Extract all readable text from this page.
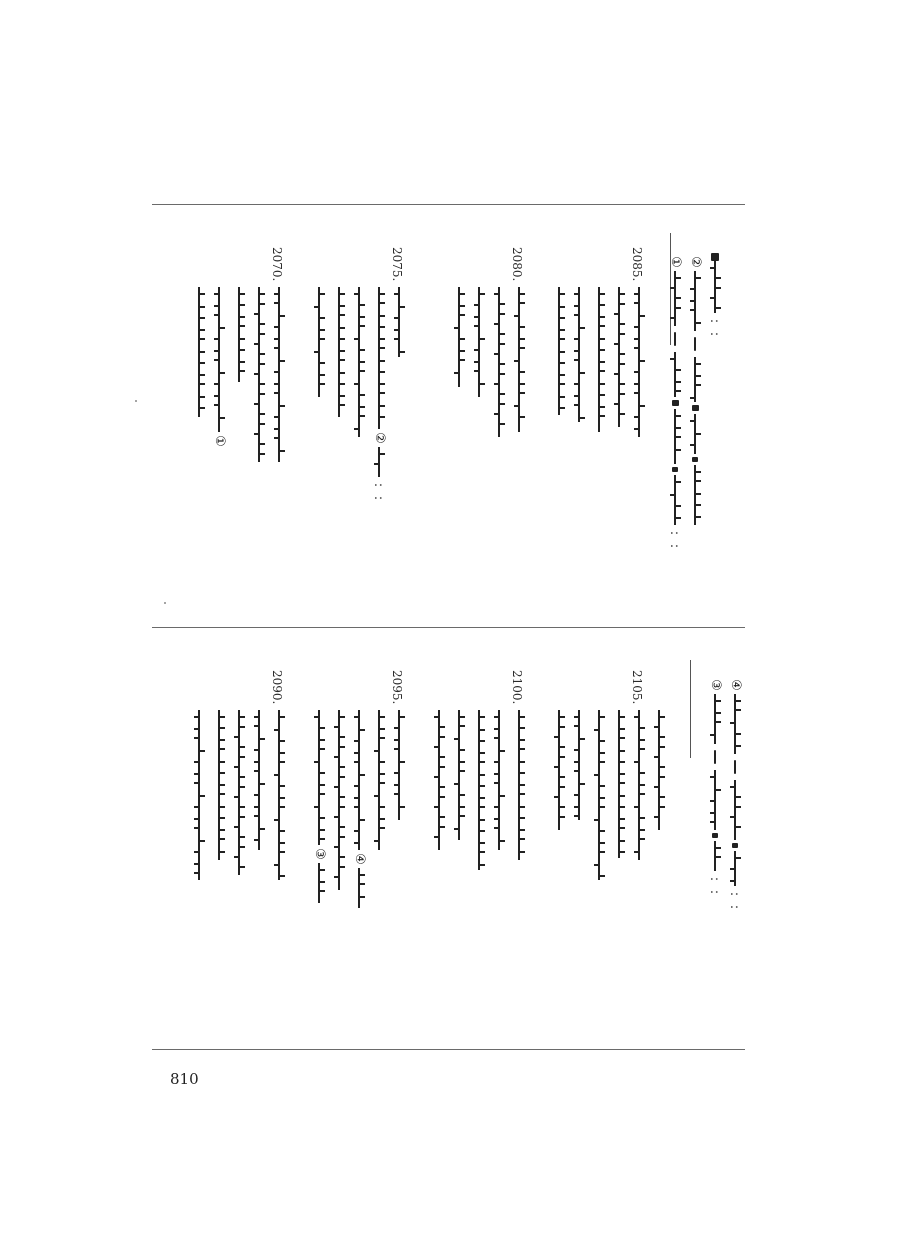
:
:
②
①
:
:
2085.
2080.
2075.
②
:
:
2070.
①
④
:
:
③
:
:
2105.
2100.
2095.
④
③
2090.
810
